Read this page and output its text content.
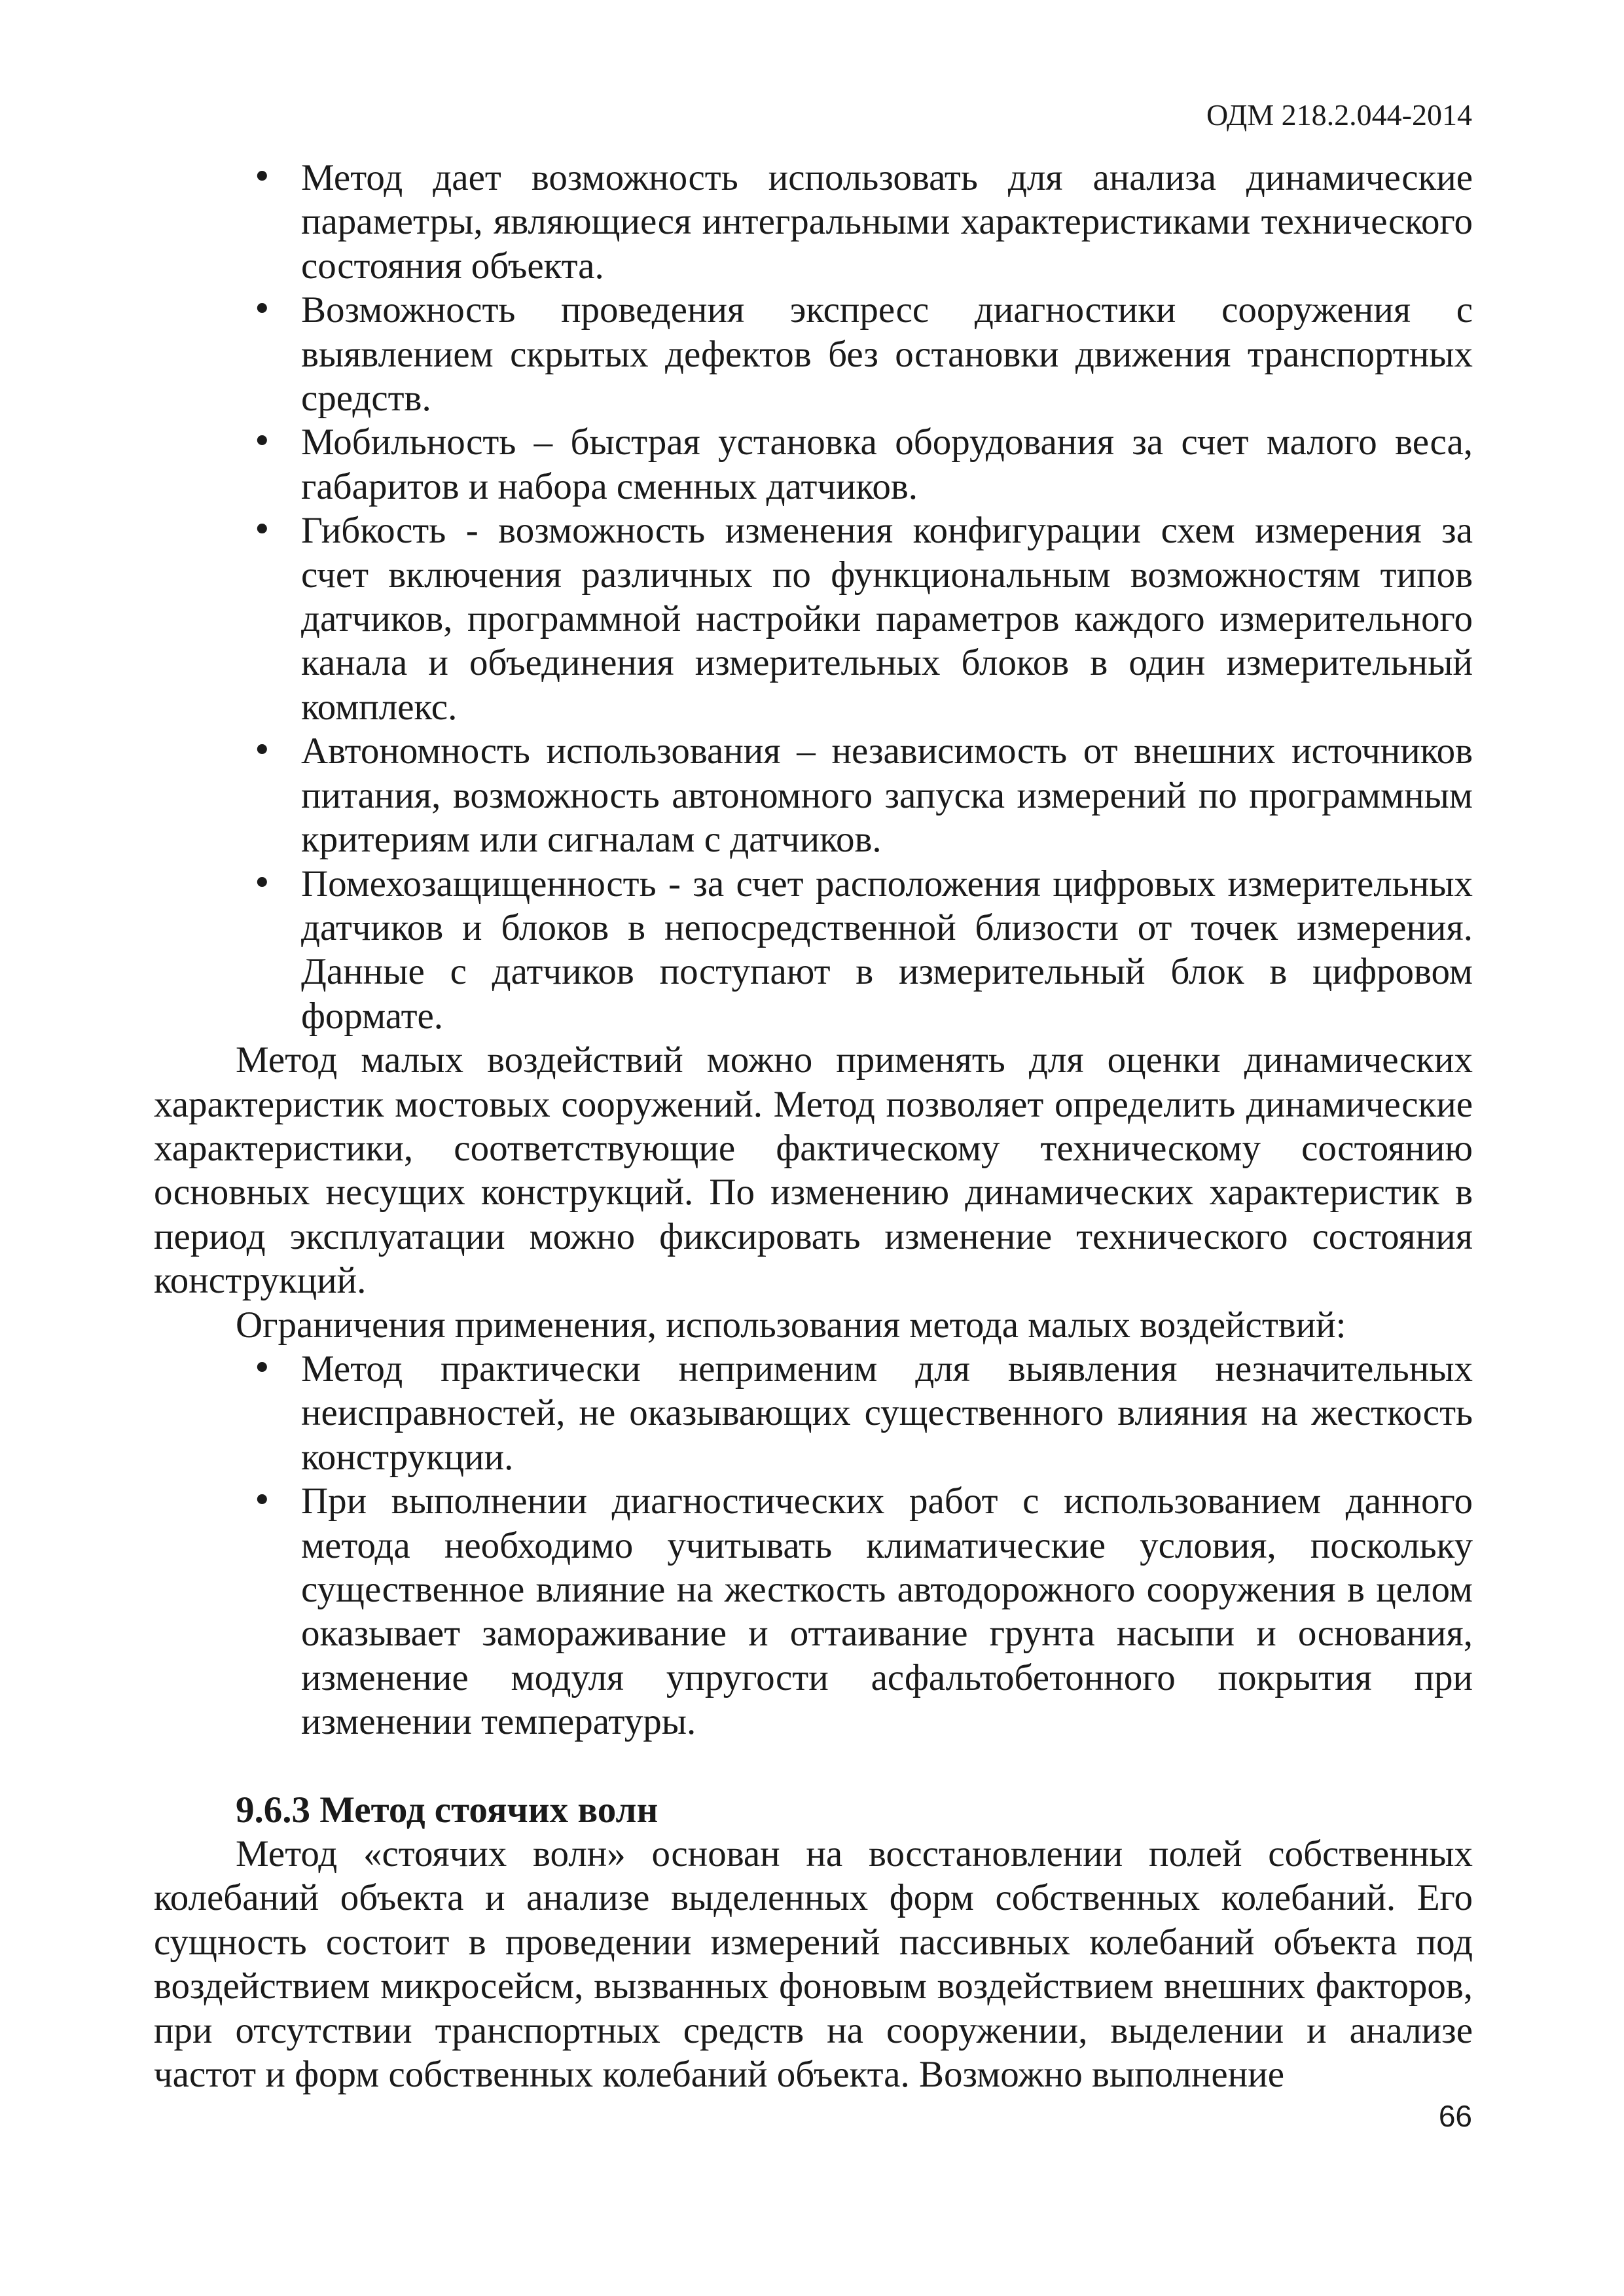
ОДМ 218.2.044-2014
• Метод дает возможность использовать для анализа динамические параметры, являющиеся интегральными характеристиками технического состояния объекта.
• Возможность проведения экспресс диагностики сооружения с выявлением скрытых дефектов без остановки движения транспортных средств.
• Мобильность – быстрая установка оборудования за счет малого веса, габаритов и набора сменных датчиков.
• Гибкость - возможность изменения конфигурации схем измерения за счет включения различных по функциональным возможностям типов датчиков, программной настройки параметров каждого измерительного канала и объединения измерительных блоков в один измерительный комплекс.
• Автономность использования – независимость от внешних источников питания, возможность автономного запуска измерений по программным критериям или сигналам с датчиков.
• Помехозащищенность - за счет расположения цифровых измерительных датчиков и блоков в непосредственной близости от точек измерения. Данные с датчиков поступают в измерительный блок в цифровом формате.

Метод малых воздействий можно применять для оценки динамических характеристик мостовых сооружений. Метод позволяет определить динамические характеристики, соответствующие фактическому техническому состоянию основных несущих конструкций. По изменению динамических характеристик в период эксплуатации можно фиксировать изменение технического состояния конструкций.

Ограничения применения, использования метода малых воздействий:

• Метод практически неприменим для выявления незначительных неисправностей, не оказывающих существенного влияния на жесткость конструкции.
• При выполнении диагностических работ с использованием данного метода необходимо учитывать климатические условия, поскольку существенное влияние на жесткость автодорожного сооружения в целом оказывает замораживание и оттаивание грунта насыпи и основания, изменение модуля упругости асфальтобетонного покрытия при изменении температуры.

9.6.3 Метод стоячих волн

Метод «стоячих волн» основан на восстановлении полей собственных колебаний объекта и анализе выделенных форм собственных колебаний. Его сущность состоит в проведении измерений пассивных колебаний объекта под воздействием микросейсм, вызванных фоновым воздействием внешних факторов, при отсутствии транспортных средств на сооружении, выделении и анализе частот и форм собственных колебаний объекта. Возможно выполнение

66
